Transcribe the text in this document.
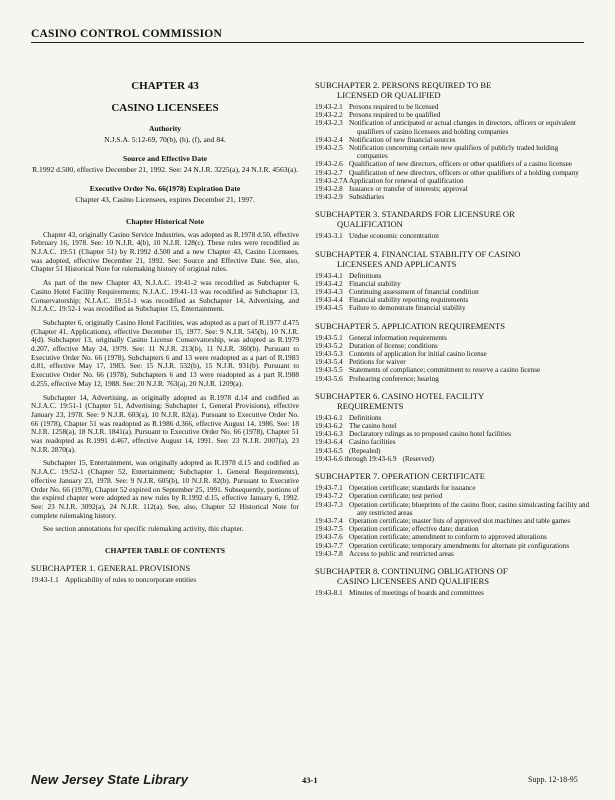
CASINO CONTROL COMMISSION
CHAPTER 43
CASINO LICENSEES
Authority
N.J.S.A. 5:12-69, 70(b), (h), (f), and 84.
Source and Effective Date
R.1992 d.500, effective December 21, 1992. See: 24 N.J.R. 3225(a), 24 N.J.R. 4563(a).
Executive Order No. 66(1978) Expiration Date
Chapter 43, Casino Licensees, expires December 21, 1997.
Chapter Historical Note

Chapter 43, originally Casino Service Industries, was adopted as R.1978 d.50, effective February 16, 1978. See: 10 N.J.R. 4(b), 10 N.J.R. 128(c). These rules were recodified as N.J.A.C. 19:51 (Chapter 51) by R.1992 d.500 and a new Chapter 43, Casino Licensees, was adopted, effective December 21, 1992. See: Source and Effective Date. See, also, Chapter 51 Historical Note for rulemaking history of original rules.

As part of the new Chapter 43, N.J.A.C. 19:41-2 was recodified as Subchapter 6, Casino Hotel Facility Requirements; N.J.A.C. 19:41-13 was recodified as Subchapter 13, Conservatorship; N.J.A.C. 19:51-1 was recodified as Subchapter 14, Advertising, and N.J.A.C. 19:52-1 was recodified as Subchapter 15, Entertainment.

Subchapter 6, originally Casino Hotel Facilities, was adopted as a part of R.1977 d.475 (Chapter 41, Applications), effective December 15, 1977. See: 9 N.J.R. 545(b), 10 N.J.R. 4(d). Subchapter 13, originally Casino License Conservatorship, was adopted as R.1979 d.207, effective May 24, 1979. See: 11 N.J.R. 213(b), 11 N.J.R. 360(b). Pursuant to Executive Order No. 66 (1978), Subchapters 6 and 13 were readopted as a part of R.1983 d.81, effective May 17, 1983. See: 15 N.J.R. 532(b), 15 N.J.R. 931(b). Pursuant to Executive Order No. 66 (1978), Subchapters 6 and 13 were readopted as a part R.1988 d.255, effective May 12, 1988. See: 20 N.J.R. 763(a), 20 N.J.R. 1209(a).

Subchapter 14, Advertising, as originally adopted as R.1978 d.14 and codified as N.J.A.C. 19:51-1 (Chapter 51, Advertising; Subchapter 1, General Provisions), effective January 23, 1978. See: 9 N.J.R. 603(a), 10 N.J.R. 82(a). Pursuant to Executive Order No. 66 (1978), Chapter 51 was readopted as R.1986 d.366, effective August 14, 1986. See: 18 N.J.R. 1258(a), 18 N.J.R. 1841(a). Pursuant to Executive Order No. 66 (1978), Chapter 51 was readopted as R.1991 d.467, effective August 14, 1991. See: 23 N.J.R. 2007(a), 23 N.J.R. 2870(a).

Subchapter 15, Entertainment, was originally adopted as R.1978 d.15 and codified as N.J.A.C. 19:52-1 (Chapter 52, Entertainment; Subchapter 1, General Requirements), effective January 23, 1978. See: 9 N.J.R. 605(b), 10 N.J.R. 82(b). Pursuant to Executive Order No. 66 (1978), Chapter 52 expired on September 25, 1991. Subsequently, portions of the expired chapter were adopted as new rules by R.1992 d.15, effective January 6, 1992. See: 23 N.J.R. 3092(a), 24 N.J.R. 112(a). See, also, Chapter 52 Historical Note for complete rulemaking history.

See section annotations for specific rulemaking activity, this chapter.

CHAPTER TABLE OF CONTENTS
SUBCHAPTER 1. GENERAL PROVISIONS
19:43-1.1 Applicability of rules to noncorporate entities
SUBCHAPTER 2. PERSONS REQUIRED TO BE
LICENSED OR QUALIFIED
19:43-2.1 Persons required to be licensed
19:43-2.2 Persons required to be qualified
19:43-2.3 Notification of anticipated or actual changes in directors, officers or equivalent qualifiers of casino licensees and holding companies
19:43-2.4 Notification of new financial sources
19:43-2.5 Notification concerning certain new qualifiers of publicly traded holding companies
19:43-2.6 Qualification of new directors, officers or other qualifiers of a casino licensee
19:43-2.7 Qualification of new directors, officers or other qualifiers of a holding company
19:43-2.7A Application for renewal of qualification
19:43-2.8 Issuance or transfer of interests; approval
19:43-2.9 Subsidiaries
SUBCHAPTER 3. STANDARDS FOR LICENSURE OR
QUALIFICATION
19:43-3.1 Undue economic concentration
SUBCHAPTER 4. FINANCIAL STABILITY OF CASINO
LICENSEES AND APPLICANTS
19:43-4.1 Definitions
19:43-4.2 Financial stability
19:43-4.3 Continuing assessment of financial condition
19:43-4.4 Financial stability reporting requirements
19:43-4.5 Failure to demonstrate financial stability
SUBCHAPTER 5. APPLICATION REQUIREMENTS
19:43-5.1 General information requirements
19:43-5.2 Duration of license; conditions
19:43-5.3 Contents of application for initial casino license
19:43-5.4 Petitions for waiver
19:43-5.5 Statements of compliance; commitment to reserve a casino license
19:43-5.6 Prehearing conference; hearing
SUBCHAPTER 6. CASINO HOTEL FACILITY
REQUIREMENTS
19:43-6.1 Definitions
19:43-6.2 The casino hotel
19:43-6.3 Declaratory rulings as to proposed casino hotel facilities
19:43-6.4 Casino facilities
19:43-6.5 (Repealed)
19:43-6.6 through 19:43-6.9 (Reserved)
SUBCHAPTER 7. OPERATION CERTIFICATE
19:43-7.1 Operation certificate; standards for issuance
19:43-7.2 Operation certificate; test period
19:43-7.3 Operation certificate; blueprints of the casino floor, casino simulcasting facility and any restricted areas
19:43-7.4 Operation certificate; master lists of approved slot machines and table games
19:43-7.5 Operation certificate; effective date; duration
19:43-7.6 Operation certificate; amendment to conform to approved alterations
19:43-7.7 Operation certificate; temporary amendments for alternate pit configurations
19:43-7.8 Access to public and restricted areas
SUBCHAPTER 8. CONTINUING OBLIGATIONS OF
CASINO LICENSEES AND QUALIFIERS
19:43-8.1 Minutes of meetings of boards and committees
New Jersey State Library	43-1	Supp. 12-18-95
